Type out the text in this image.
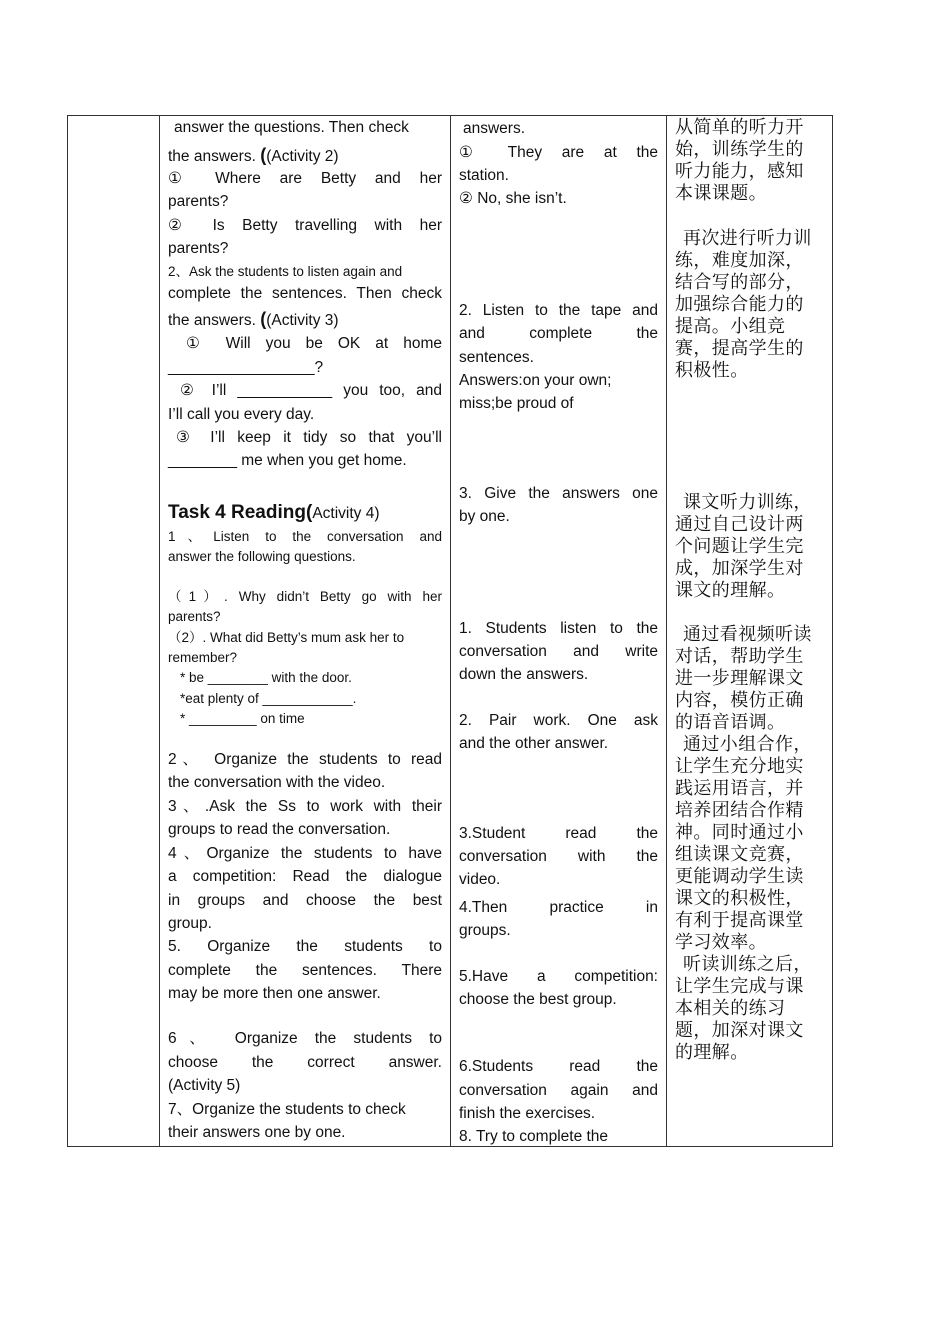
answer the questions. Then check
the answers. ((Activity 2)
① Where are Betty and her
parents?
② Is Betty travelling with her
parents?
2、Ask the students to listen again and
complete the sentences. Then check
the answers. ((Activity 3)
① Will you be OK at home
_________________?
② I’ll ___________ you too, and
I’ll call you every day.
③ I’ll keep it tidy so that you’ll
________ me when you get home.
Task 4 Reading(Activity 4)
1、Listen to the conversation and
answer the following questions.
（1）. Why didn’t Betty go with her
parents?
（2）. What did Betty’s mum ask her to
remember?
* be ________ with the door.
*eat plenty of ____________.
* _________ on time
2、 Organize the students to read
the conversation with the video.
3、.Ask the Ss to work with their
groups to read the conversation.
4、Organize the students to have
a competition: Read the dialogue
in groups and choose the best
group.
5. Organize the students to
complete the sentences. There
may be more then one answer.
6、 Organize the students to
choose the correct answer.
(Activity 5)
7、Organize the students to check
their answers one by one.
answers.
① They are at the
station.
② No, she isn’t.
2. Listen to the tape and
and complete the
sentences.
Answers:on your own;
miss;be proud of
3. Give the answers one
by one.
1. Students listen to the
conversation and write
down the answers.
2. Pair work. One ask
and the other answer.
3.Student read the
conversation with the
video.
4.Then practice in
groups.
5.Have a competition:
choose the best group.
6.Students read the
conversation again and
finish the exercises.
8. Try to complete the
从简单的听力开
始，训练学生的
听力能力，感知
本课课题。
再次进行听力训
练，难度加深，
结合写的部分，
加强综合能力的
提高。小组竞
赛，提高学生的
积极性。
课文听力训练，
通过自己设计两
个问题让学生完
成，加深学生对
课文的理解。
通过看视频听读
对话，帮助学生
进一步理解课文
内容，模仿正确
的语音语调。
通过小组合作，
让学生充分地实
践运用语言，并
培养团结合作精
神。同时通过小
组读课文竞赛，
更能调动学生读
课文的积极性，
有利于提高课堂
学习效率。
听读训练之后，
让学生完成与课
本相关的练习
题，加深对课文
的理解。
